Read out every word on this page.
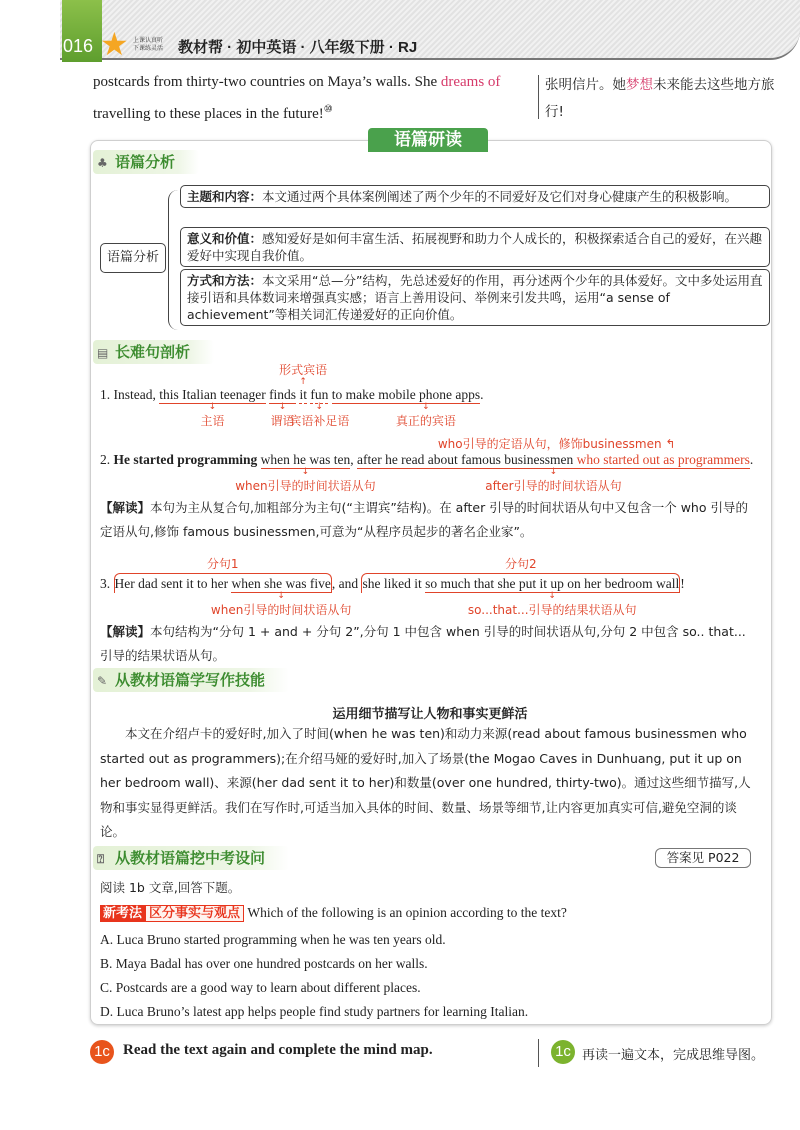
016 ★ 上课认真听
下课练灵活 教材帮 · 初中英语 · 八年级下册 · RJ
postcards from thirty-two countries on Maya’s walls. She dreams of
travelling to these places in the future!⑩
张明信片。她梦想未来能去这些地方旅行!
语篇研读
♣ 语篇分析
语篇分析
主题和内容：本文通过两个具体案例阐述了两个少年的不同爱好及它们对身心健康产生的积极影响。
意义和价值：感知爱好是如何丰富生活、拓展视野和助力个人成长的，积极探索适合自己的爱好，在兴趣爱好中实现自我价值。
方式和方法：本文采用“总—分”结构，先总述爱好的作用，再分述两个少年的具体爱好。文中多处运用直接引语和具体数词来增强真实感；语言上善用设问、举例来引发共鸣，运用“a sense of achievement”等相关词汇传递爱好的正向价值。
▤ 长难句剖析
1. Instead, this Italian teenager
↓
主语
finds
↓
谓语
it
形式宾语
↑
fun
↓
宾语补足语
to make mobile phone apps
↓
真正的宾语
.
2. He started programming when he was ten
↓
when引导的时间状语从句
, after he read about famous businessmen who started out as programmers
who引导的定语从句，修饰businessmen ↰
↓
after引导的时间状语从句
.
【解读】本句为主从复合句,加粗部分为主句(“主谓宾”结构)。在 after 引导的时间状语从句中又包含一个 who 引导的定语从句,修饰 famous businessmen,可意为“从程序员起步的著名企业家”。
3. Her dad sent it to her when she was five
↓
when引导的时间状语从句
分句1
, and she liked it so much that she put it up on her bedroom wall
↓
so...that...引导的结果状语从句
分句2
!
【解读】本句结构为“分句 1 + and + 分句 2”,分句 1 中包含 when 引导的时间状语从句,分句 2 中包含 so.. that... 引导的结果状语从句。
✎ 从教材语篇学写作技能
运用细节描写让人物和事实更鲜活
本文在介绍卢卡的爱好时,加入了时间(when he was ten)和动力来源(read about famous businessmen who started out as programmers);在介绍马娅的爱好时,加入了场景(the Mogao Caves in Dunhuang, put it up on her bedroom wall)、来源(her dad sent it to her)和数量(over one hundred, thirty-two)。通过这些细节描写,人物和事实显得更鲜活。我们在写作时,可适当加入具体的时间、数量、场景等细节,让内容更加真实可信,避免空洞的谈论。
⍰ 从教材语篇挖中考设问	答案见 P022
阅读 1b 文章,回答下题。
新考法 区分事实与观点 Which of the following is an opinion according to the text?
A. Luca Bruno started programming when he was ten years old.
B. Maya Badal has over one hundred postcards on her walls.
C. Postcards are a good way to learn about different places.
D. Luca Bruno’s latest app helps people find study partners for learning Italian.
1c Read the text again and complete the mind map.	1c 再读一遍文本，完成思维导图。
